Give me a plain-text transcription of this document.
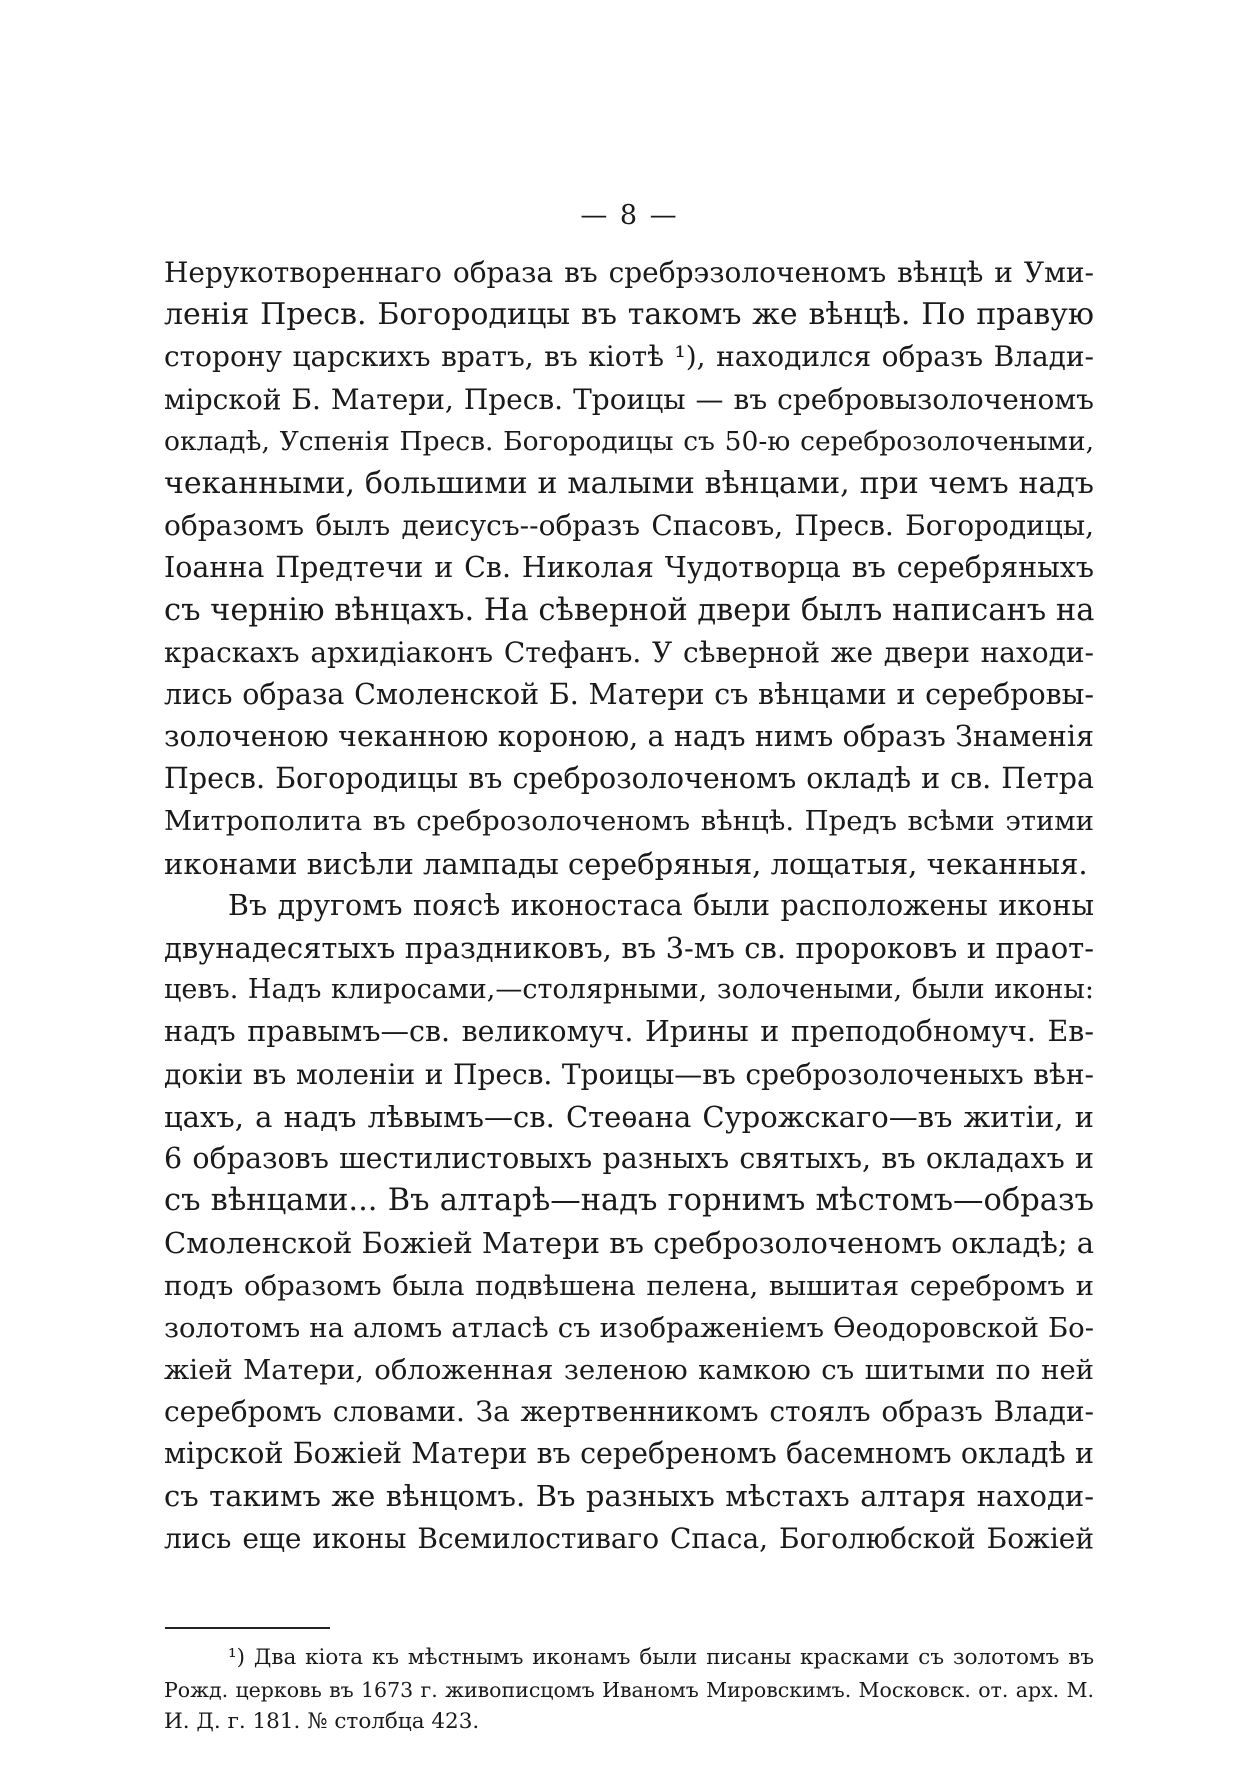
— 8 —
Нерукотвореннаго образа въ сребрэзолоченомъ вѣнцѣ и Уми-
ленія Пресв. Богородицы въ такомъ же вѣнцѣ. По правую
сторону царскихъ вратъ, въ кіотѣ ¹), находился образъ Влади-
мірской Б. Матери, Пресв. Троицы — въ сребровызолоченомъ
окладѣ, Успенія Пресв. Богородицы съ 50-ю сереброзолочеными,
чеканными, большими и малыми вѣнцами, при чемъ надъ
образомъ былъ деисусъ--образъ Спасовъ, Пресв. Богородицы,
Іоанна Предтечи и Св. Николая Чудотворца въ серебряныхъ
съ чернію вѣнцахъ. На сѣверной двери былъ написанъ на
краскахъ архидіаконъ Стефанъ. У сѣверной же двери находи-
лись образа Смоленской Б. Матери съ вѣнцами и серебровы-
золоченою чеканною короною, а надъ нимъ образъ Знаменія
Пресв. Богородицы въ среброзолоченомъ окладѣ и св. Петра
Митрополита въ среброзолоченомъ вѣнцѣ. Предъ всѣми этими
иконами висѣли лампады серебряныя, лощатыя, чеканныя.
Въ другомъ поясѣ иконостаса были расположены иконы
двунадесятыхъ праздниковъ, въ 3-мъ св. пророковъ и праот-
цевъ. Надъ клиросами,—столярными, золочеными, были иконы:
надъ правымъ—св. великомуч. Ирины и преподобномуч. Ев-
докіи въ моленіи и Пресв. Троицы—въ среброзолоченыхъ вѣн-
цахъ, а надъ лѣвымъ—св. Стеѳана Сурожскаго—въ житіи, и
6 образовъ шестилистовыхъ разныхъ святыхъ, въ окладахъ и
съ вѣнцами... Въ алтарѣ—надъ горнимъ мѣстомъ—образъ
Смоленской Божіей Матери въ среброзолоченомъ окладѣ; а
подъ образомъ была подвѣшена пелена, вышитая серебромъ и
золотомъ на аломъ атласѣ съ изображеніемъ Ѳеодоровской Бо-
жіей Матери, обложенная зеленою камкою съ шитыми по ней
серебромъ словами. За жертвенникомъ стоялъ образъ Влади-
мірской Божіей Матери въ серебреномъ басемномъ окладѣ и
съ такимъ же вѣнцомъ. Въ разныхъ мѣстахъ алтаря находи-
лись еще иконы Всемилостиваго Спаса, Боголюбской Божіей
¹) Два кіота къ мѣстнымъ иконамъ были писаны красками съ золотомъ въ
Рожд. церковь въ 1673 г. живописцомъ Иваномъ Мировскимъ. Московск. от. арх. М.
И. Д. г. 181. № столбца 423.
